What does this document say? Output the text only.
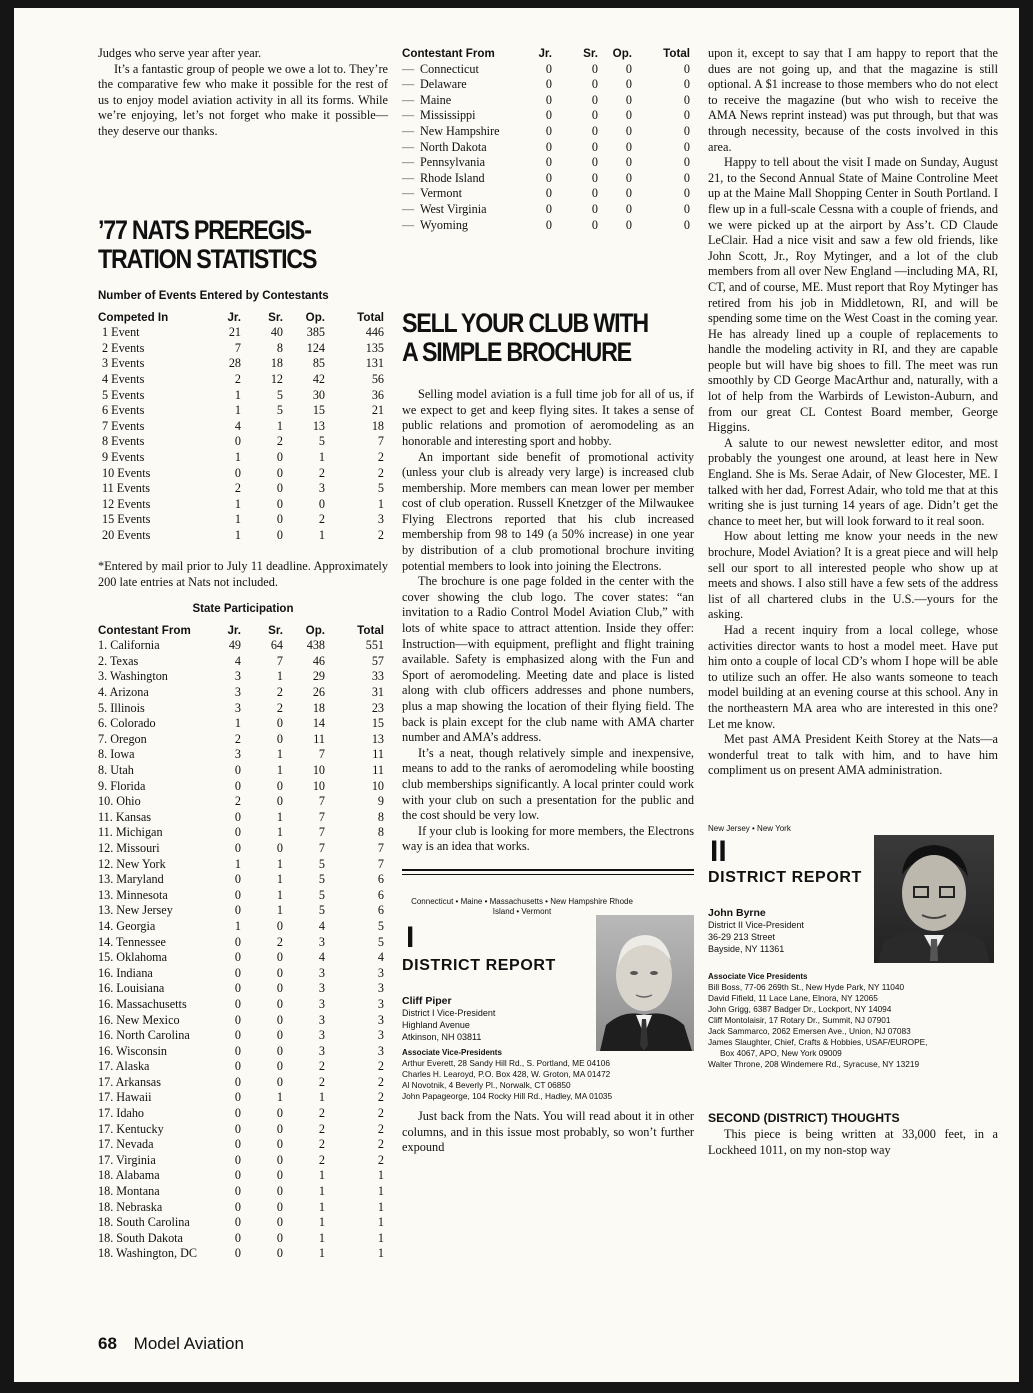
Judges who serve year after year.

It’s a fantastic group of people we owe a lot to. They’re the comparative few who make it possible for the rest of us to enjoy model aviation activity in all its forms. While we’re enjoying, let’s not forget who make it possible—they deserve our thanks.

’77 NATS PREREGIS-
TRATION STATISTICS
Number of Events Entered by Contestants
Competed In	Jr.	Sr.	Op.	Total
1 Event	21	40	385	446
2 Events	7	8	124	135
3 Events	28	18	85	131
4 Events	2	12	42	56
5 Events	1	5	30	36
6 Events	1	5	15	21
7 Events	4	1	13	18
8 Events	0	2	5	7
9 Events	1	0	1	2
10 Events	0	0	2	2
11 Events	2	0	3	5
12 Events	1	0	0	1
15 Events	1	0	2	3
20 Events	1	0	1	2

*Entered by mail prior to July 11 deadline. Approximately 200 late entries at Nats not included.

State Participation
Contestant From	Jr.	Sr.	Op.	Total
1. California	49	64	438	551
2. Texas	4	7	46	57
3. Washington	3	1	29	33
4. Arizona	3	2	26	31
5. Illinois	3	2	18	23
6. Colorado	1	0	14	15
7. Oregon	2	0	11	13
8. Iowa	3	1	7	11
8. Utah	0	1	10	11
9. Florida	0	0	10	10
10. Ohio	2	0	7	9
11. Kansas	0	1	7	8
11. Michigan	0	1	7	8
12. Missouri	0	0	7	7
12. New York	1	1	5	7
13. Maryland	0	1	5	6
13. Minnesota	0	1	5	6
13. New Jersey	0	1	5	6
14. Georgia	1	0	4	5
14. Tennessee	0	2	3	5
15. Oklahoma	0	0	4	4
16. Indiana	0	0	3	3
16. Louisiana	0	0	3	3
16. Massachusetts	0	0	3	3
16. New Mexico	0	0	3	3
16. North Carolina	0	0	3	3
16. Wisconsin	0	0	3	3
17. Alaska	0	0	2	2
17. Arkansas	0	0	2	2
17. Hawaii	0	1	1	2
17. Idaho	0	0	2	2
17. Kentucky	0	0	2	2
17. Nevada	0	0	2	2
17. Virginia	0	0	2	2
18. Alabama	0	0	1	1
18. Montana	0	0	1	1
18. Nebraska	0	0	1	1
18. South Carolina	0	0	1	1
18. South Dakota	0	0	1	1
18. Washington, DC	0	0	1	1
Contestant From	Jr.	Sr.	Op.	Total
— Connecticut	0	0	0	0
— Delaware	0	0	0	0
— Maine	0	0	0	0
— Mississippi	0	0	0	0
— New Hampshire	0	0	0	0
— North Dakota	0	0	0	0
— Pennsylvania	0	0	0	0
— Rhode Island	0	0	0	0
— Vermont	0	0	0	0
— West Virginia	0	0	0	0
— Wyoming	0	0	0	0
SELL YOUR CLUB WITH
A SIMPLE BROCHURE

Selling model aviation is a full time job for all of us, if we expect to get and keep flying sites. It takes a sense of public relations and promotion of aeromodeling as an honorable and interesting sport and hobby.

An important side benefit of promotional activity (unless your club is already very large) is increased club membership. More members can mean lower per member cost of club operation. Russell Knetzger of the Milwaukee Flying Electrons reported that his club increased membership from 98 to 149 (a 50% increase) in one year by distribution of a club promotional brochure inviting potential members to look into joining the Electrons.

The brochure is one page folded in the center with the cover showing the club logo. The cover states: “an invitation to a Radio Control Model Aviation Club,” with lots of white space to attract attention. Inside they offer: Instruction—with equipment, preflight and flight training available. Safety is emphasized along with the Fun and Sport of aeromodeling. Meeting date and place is listed along with club officers addresses and phone numbers, plus a map showing the location of their flying field. The back is plain except for the club name with AMA charter number and AMA’s address.

It’s a neat, though relatively simple and inexpensive, means to add to the ranks of aeromodeling while boosting club memberships significantly. A local printer could work with your club on such a presentation for the public and the cost should be very low.

If your club is looking for more members, the Electrons way is an idea that works.

Connecticut • Maine • Massachusetts • New Hampshire Rhode Island • Vermont
I
DISTRICT REPORT
Cliff Piper
District I Vice-President
Highland Avenue
Atkinson, NH 03811
Associate Vice-Presidents
Arthur Everett, 28 Sandy Hill Rd., S. Portland, ME 04106
Charles H. Learoyd, P.O. Box 428, W. Groton, MA 01472
Al Novotnik, 4 Beverly Pl., Norwalk, CT 06850
John Papageorge, 104 Rocky Hill Rd., Hadley, MA 01035

Just back from the Nats. You will read about it in other columns, and in this issue most probably, so won’t further expound

upon it, except to say that I am happy to report that the dues are not going up, and that the magazine is still optional. A $1 increase to those members who do not elect to receive the magazine (but who wish to receive the AMA News reprint instead) was put through, but that was through necessity, because of the costs involved in this area.

Happy to tell about the visit I made on Sunday, August 21, to the Second Annual State of Maine Controline Meet up at the Maine Mall Shopping Center in South Portland. I flew up in a full-scale Cessna with a couple of friends, and we were picked up at the airport by Ass’t. CD Claude LeClair. Had a nice visit and saw a few old friends, like John Scott, Jr., Roy Mytinger, and a lot of the club members from all over New England —including MA, RI, CT, and of course, ME. Must report that Roy Mytinger has retired from his job in Middletown, RI, and will be spending some time on the West Coast in the coming year. He has already lined up a couple of replacements to handle the modeling activity in RI, and they are capable people but will have big shoes to fill. The meet was run smoothly by CD George MacArthur and, naturally, with a lot of help from the Warbirds of Lewiston-Auburn, and from our great CL Contest Board member, George Higgins.

A salute to our newest newsletter editor, and most probably the youngest one around, at least here in New England. She is Ms. Serae Adair, of New Glocester, ME. I talked with her dad, Forrest Adair, who told me that at this writing she is just turning 14 years of age. Didn’t get the chance to meet her, but will look forward to it real soon.

How about letting me know your needs in the new brochure, Model Aviation? It is a great piece and will help sell our sport to all interested people who show up at meets and shows. I also still have a few sets of the address list of all chartered clubs in the U.S.—yours for the asking.

Had a recent inquiry from a local college, whose activities director wants to host a model meet. Have put him onto a couple of local CD’s whom I hope will be able to utilize such an offer. He also wants someone to teach model building at an evening course at this school. Any in the northeastern MA area who are interested in this one? Let me know.

Met past AMA President Keith Storey at the Nats—a wonderful treat to talk with him, and to have him compliment us on present AMA administration.

New Jersey • New York
II
DISTRICT REPORT
John Byrne
District II Vice-President
36-29 213 Street
Bayside, NY 11361
Associate Vice Presidents
Bill Boss, 77-06 269th St., New Hyde Park, NY 11040
David Fifield, 11 Lace Lane, Elnora, NY 12065
John Grigg, 6387 Badger Dr., Lockport, NY 14094
Cliff Montolaisir, 17 Rotary Dr., Summit, NJ 07901
Jack Sammarco, 2062 Emersen Ave., Union, NJ 07083
James Slaughter, Chief, Crafts & Hobbies, USAF/EUROPE,
Box 4067, APO, New York 09009
Walter Throne, 208 Windemere Rd., Syracuse, NY 13219
SECOND (DISTRICT) THOUGHTS

This piece is being written at 33,000 feet, in a Lockheed 1011, on my non-stop way

68 Model Aviation
